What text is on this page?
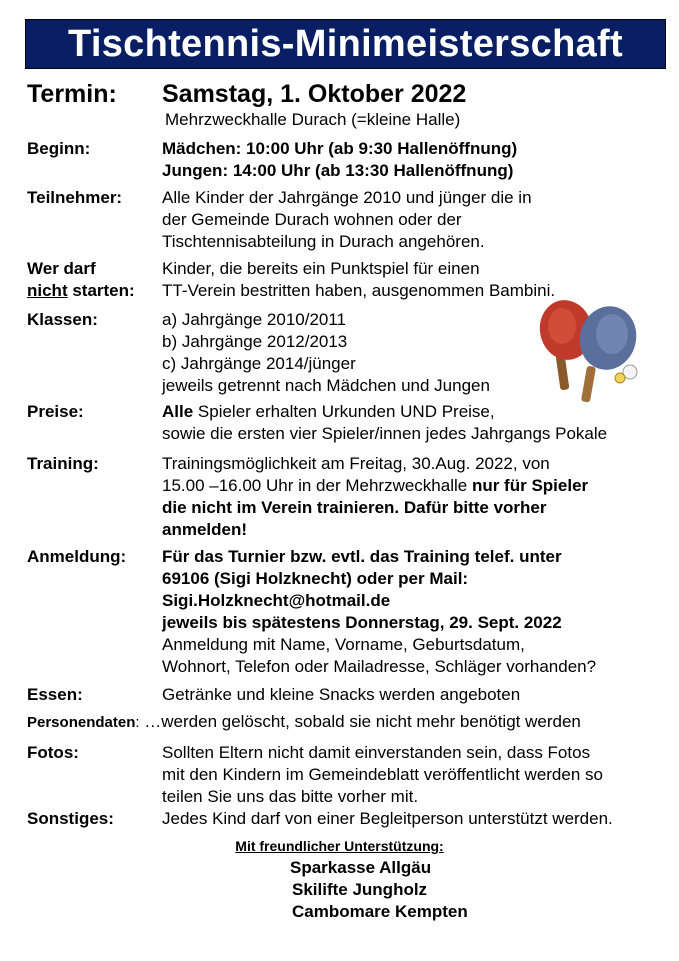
Tischtennis-Minimeisterschaft
Termin: Samstag, 1. Oktober 2022
Mehrzweckhalle Durach (=kleine Halle)
Beginn:	Mädchen: 10:00 Uhr (ab 9:30 Hallenöffnung)
Jungen: 14:00 Uhr (ab 13:30 Hallenöffnung)
Teilnehmer: Alle Kinder der Jahrgänge 2010 und jünger die in
der Gemeinde Durach wohnen oder der
Tischtennisabteilung in Durach angehören.
Wer darf
nicht starten:
Kinder, die bereits ein Punktspiel für einen
TT-Verein bestritten haben, ausgenommen Bambini.
Klassen:	a) Jahrgänge 2010/2011
b) Jahrgänge 2012/2013
c) Jahrgänge 2014/jünger
jeweils getrennt nach Mädchen und Jungen
Preise:	Alle Spieler erhalten Urkunden UND Preise,
sowie die ersten vier Spieler/innen jedes Jahrgangs Pokale
Training:	Trainingsmöglichkeit am Freitag, 30.Aug. 2022, von
15.00 –16.00 Uhr in der Mehrzweckhalle nur für Spieler
die nicht im Verein trainieren. Dafür bitte vorher
anmelden!
Anmeldung: Für das Turnier bzw. evtl. das Training telef. unter
69106 (Sigi Holzknecht) oder per Mail:
Sigi.Holzknecht@hotmail.de
jeweils bis spätestens Donnerstag, 29. Sept. 2022
Anmeldung mit Name, Vorname, Geburtsdatum,
Wohnort, Telefon oder Mailadresse, Schläger vorhanden?
Essen:	Getränke und kleine Snacks werden angeboten
Personendaten: …werden gelöscht, sobald sie nicht mehr benötigt werden
Fotos:	Sollten Eltern nicht damit einverstanden sein, dass Fotos
mit den Kindern im Gemeindeblatt veröffentlicht werden so
teilen Sie uns das bitte vorher mit.
Sonstiges:	Jedes Kind darf von einer Begleitperson unterstützt werden.
Mit freundlicher Unterstützung:
Sparkasse Allgäu
Skilifte Jungholz
Cambomare Kempten
